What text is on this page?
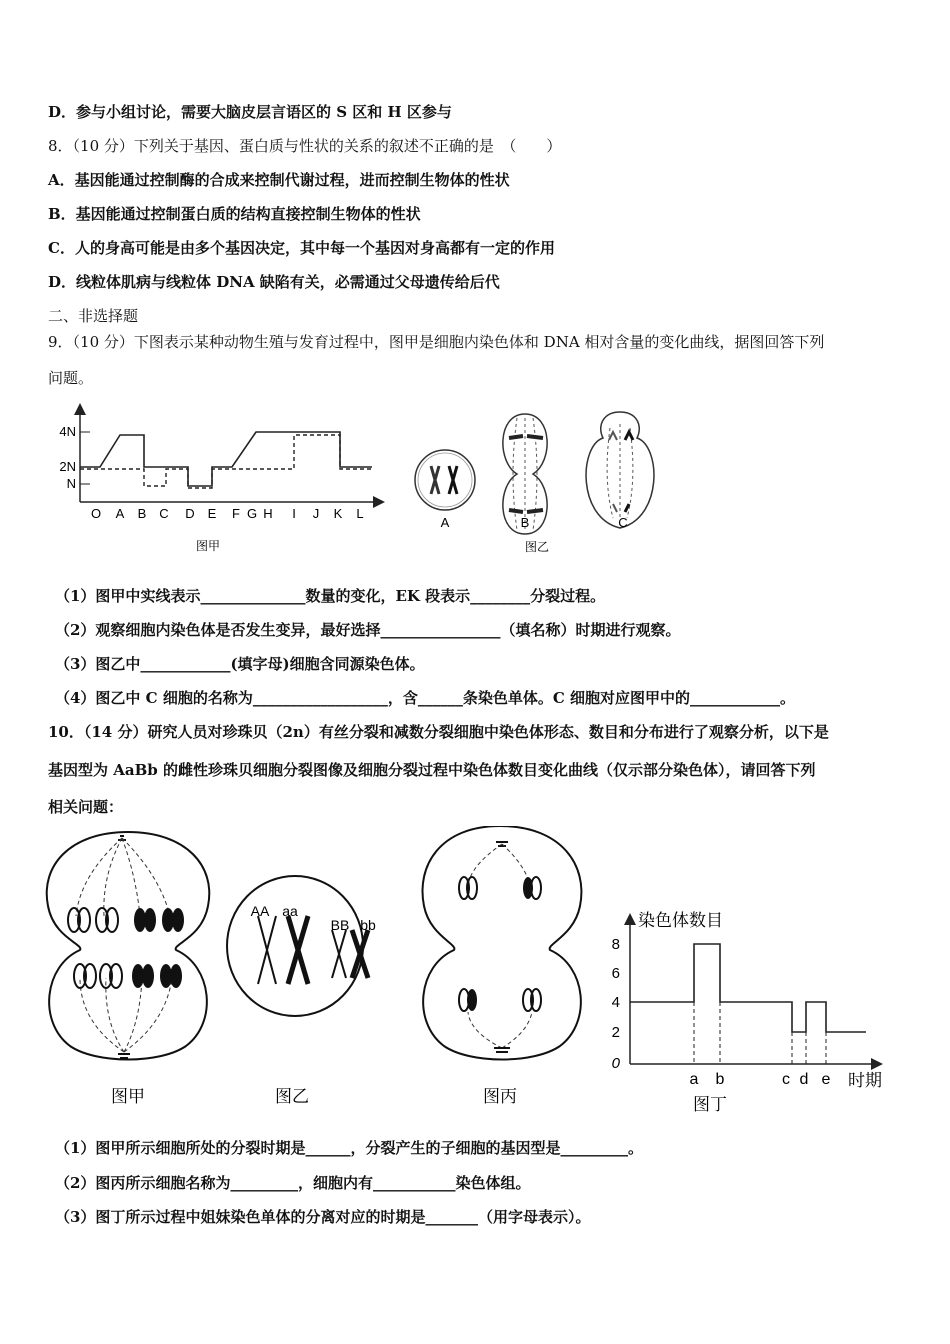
D．参与小组讨论，需要大脑皮层言语区的 S 区和 H 区参与
8．（10 分）下列关于基因、蛋白质与性状的关系的叙述不正确的是　（　　）
A．基因能通过控制酶的合成来控制代谢过程，进而控制生物体的性状
B．基因能通过控制蛋白质的结构直接控制生物体的性状
C．人的身高可能是由多个基因决定，其中每一个基因对身高都有一定的作用
D．线粒体肌病与线粒体 DNA 缺陷有关，必需通过父母遗传给后代
二、非选择题
9．（10 分）下图表示某种动物生殖与发育过程中，图甲是细胞内染色体和 DNA 相对含量的变化曲线，据图回答下列
问题。
4N
2N
N
O A B C D E F G H I J K L
图甲
A	B	C
图乙
（1）图甲中实线表示______________数量的变化，EK 段表示________分裂过程。
（2）观察细胞内染色体是否发生变异，最好选择________________（填名称）时期进行观察。
（3）图乙中____________(填字母)细胞含同源染色体。
（4）图乙中 C 细胞的名称为__________________，含______条染色单体。C 细胞对应图甲中的____________。
10．（14 分）研究人员对珍珠贝（2n）有丝分裂和减数分裂细胞中染色体形态、数目和分布进行了观察分析，以下是
基因型为 AaBb 的雌性珍珠贝细胞分裂图像及细胞分裂过程中染色体数目变化曲线（仅示部分染色体），请回答下列
相关问题：
图甲
AA aa
BB bb
图乙	图丙
染色体数目
8
6
4
2
0
a b	c d e 时期
图丁
（1）图甲所示细胞所处的分裂时期是______，分裂产生的子细胞的基因型是_________。
（2）图丙所示细胞名称为_________，细胞内有___________染色体组。
（3）图丁所示过程中姐妹染色单体的分离对应的时期是_______（用字母表示）。
